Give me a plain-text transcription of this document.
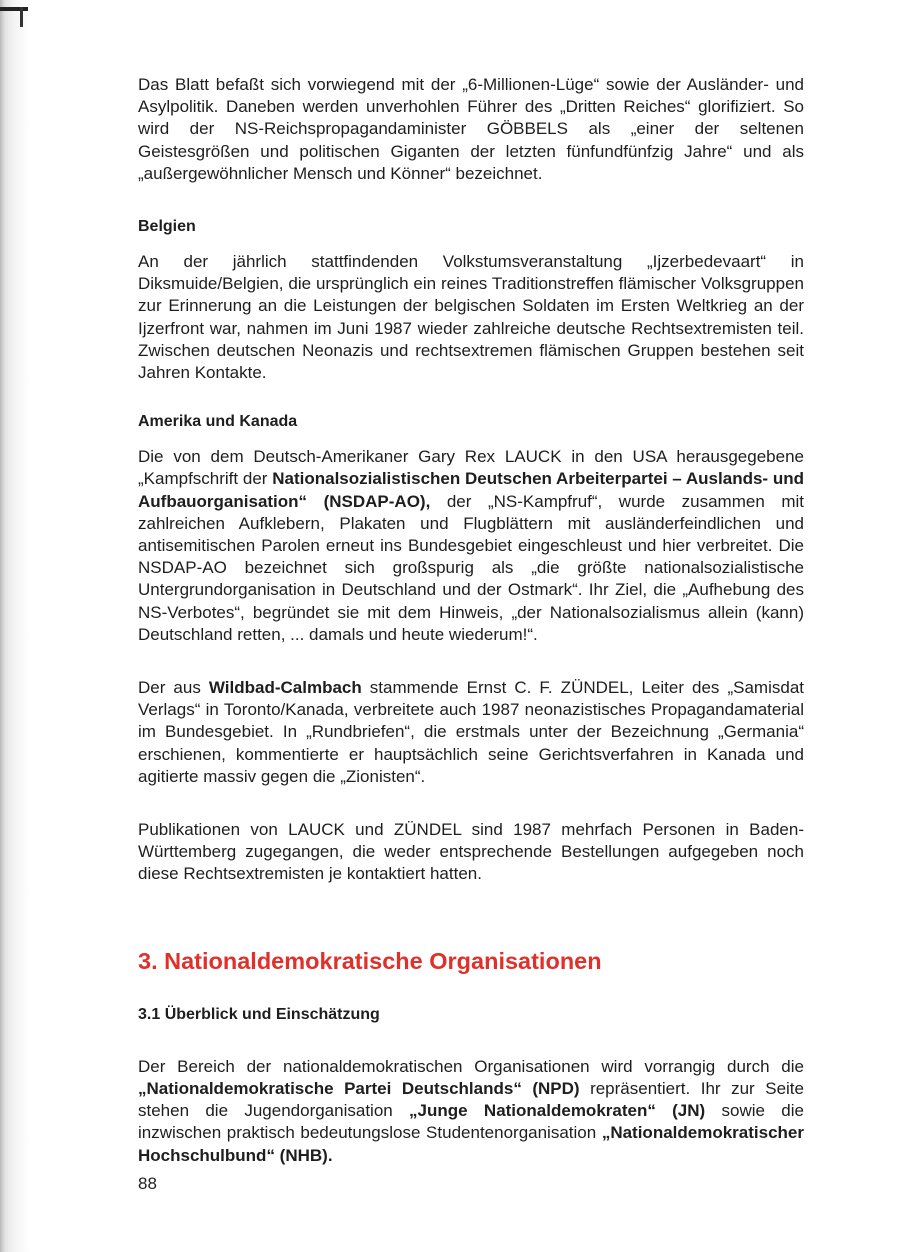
Das Blatt befaßt sich vorwiegend mit der „6-Millionen-Lüge“ sowie der Ausländer- und Asylpolitik. Daneben werden unverhohlen Führer des „Dritten Reiches“ glorifiziert. So wird der NS-Reichspropagandaminister GÖBBELS als „einer der seltenen Geistesgrößen und politischen Giganten der letzten fünfundfünfzig Jahre“ und als „außergewöhnlicher Mensch und Könner“ bezeichnet.

Belgien

An der jährlich stattfindenden Volkstumsveranstaltung „Ijzerbedevaart“ in Diksmuide/Belgien, die ursprünglich ein reines Traditionstreffen flämischer Volksgruppen zur Erinnerung an die Leistungen der belgischen Soldaten im Ersten Weltkrieg an der Ijzerfront war, nahmen im Juni 1987 wieder zahlreiche deutsche Rechtsextremisten teil. Zwischen deutschen Neonazis und rechtsextremen flämischen Gruppen bestehen seit Jahren Kontakte.

Amerika und Kanada

Die von dem Deutsch-Amerikaner Gary Rex LAUCK in den USA herausgegebene „Kampfschrift der Nationalsozialistischen Deutschen Arbeiterpartei – Auslands- und Aufbauorganisation“ (NSDAP-AO), der „NS-Kampfruf“, wurde zusammen mit zahlreichen Aufklebern, Plakaten und Flugblättern mit ausländerfeindlichen und antisemitischen Parolen erneut ins Bundesgebiet eingeschleust und hier verbreitet. Die NSDAP-AO bezeichnet sich großspurig als „die größte nationalsozialistische Untergrundorganisation in Deutschland und der Ostmark“. Ihr Ziel, die „Aufhebung des NS-Verbotes“, begründet sie mit dem Hinweis, „der Nationalsozialismus allein (kann) Deutschland retten, ... damals und heute wiederum!“.

Der aus Wildbad-Calmbach stammende Ernst C. F. ZÜNDEL, Leiter des „Samisdat Verlags“ in Toronto/Kanada, verbreitete auch 1987 neonazistisches Propagandamaterial im Bundesgebiet. In „Rundbriefen“, die erstmals unter der Bezeichnung „Germania“ erschienen, kommentierte er hauptsächlich seine Gerichtsverfahren in Kanada und agitierte massiv gegen die „Zionisten“.

Publikationen von LAUCK und ZÜNDEL sind 1987 mehrfach Personen in Baden-Württemberg zugegangen, die weder entsprechende Bestellungen aufgegeben noch diese Rechtsextremisten je kontaktiert hatten.

3. Nationaldemokratische Organisationen
3.1 Überblick und Einschätzung

Der Bereich der nationaldemokratischen Organisationen wird vorrangig durch die „Nationaldemokratische Partei Deutschlands“ (NPD) repräsentiert. Ihr zur Seite stehen die Jugendorganisation „Junge Nationaldemokraten“ (JN) sowie die inzwischen praktisch bedeutungslose Studentenorganisation „Nationaldemokratischer Hochschulbund“ (NHB).

88
